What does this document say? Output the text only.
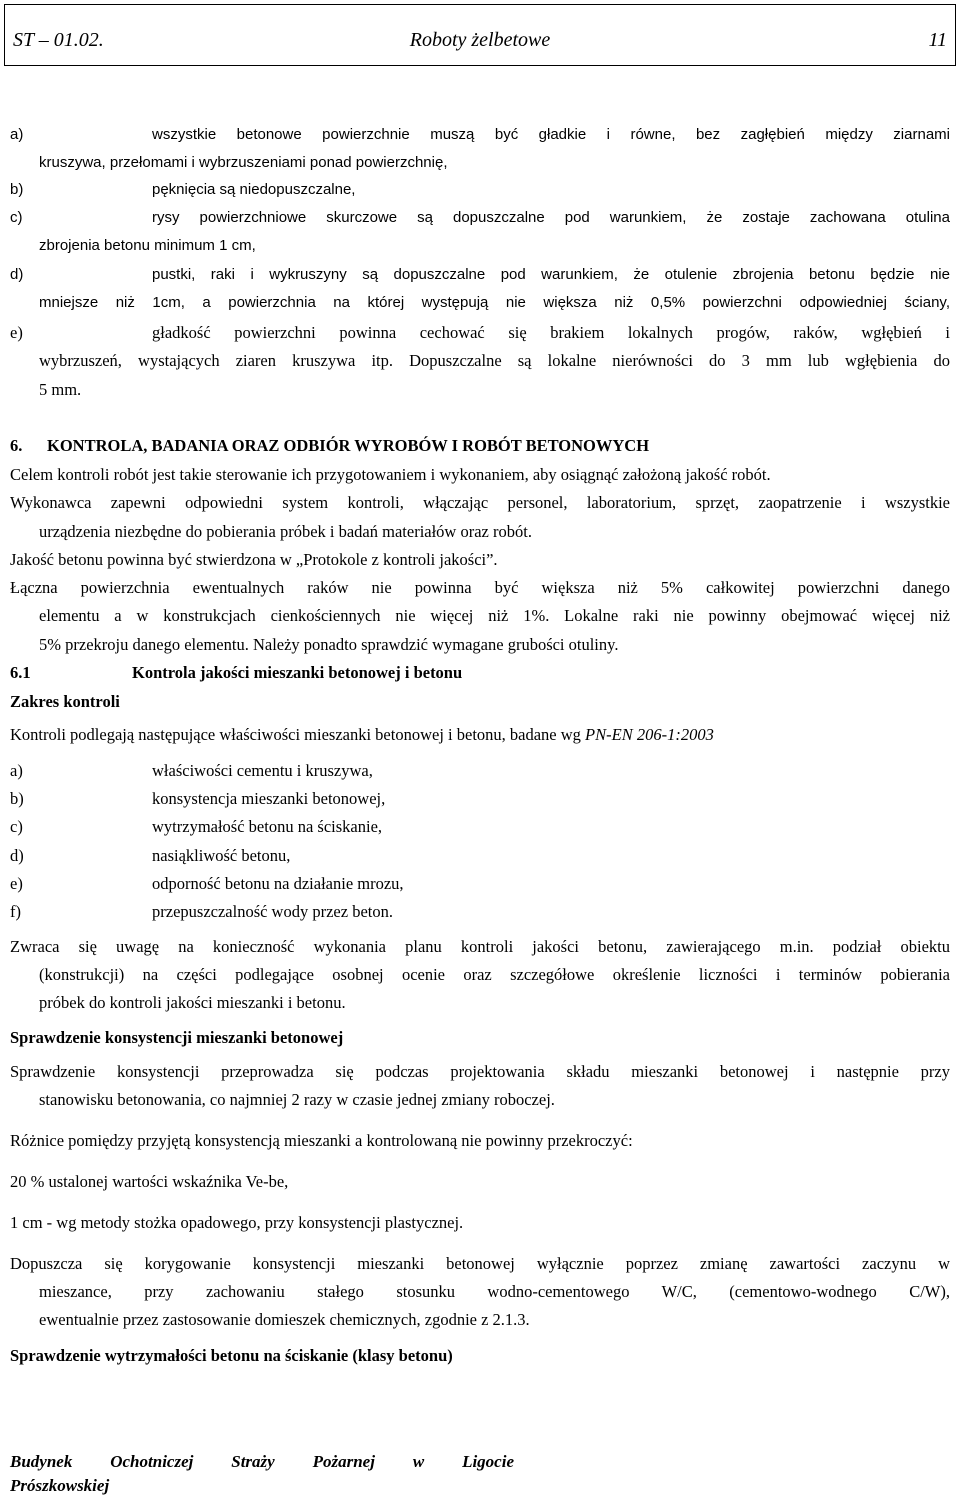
ST – 01.02.	Roboty żelbetowe	11
a)	wszystkie betonowe powierzchnie muszą być gładkie i równe, bez zagłębień między ziarnami
kruszywa, przełomami i wybrzuszeniami ponad powierzchnię,
b)	pęknięcia są niedopuszczalne,
c)	rysy powierzchniowe skurczowe są dopuszczalne pod warunkiem, że zostaje zachowana otulina
zbrojenia betonu minimum 1 cm,
d)	pustki, raki i wykruszyny są dopuszczalne pod warunkiem, że otulenie zbrojenia betonu będzie nie
mniejsze niż 1cm, a powierzchnia na której występują nie większa niż 0,5% powierzchni odpowiedniej ściany,
e)	gładkość powierzchni powinna cechować się brakiem lokalnych progów, raków, wgłębień i
wybrzuszeń, wystających ziaren kruszywa itp. Dopuszczalne są lokalne nierówności do 3 mm lub wgłębienia do
5 mm.
6. KONTROLA, BADANIA ORAZ ODBIÓR WYROBÓW I ROBÓT BETONOWYCH
Celem kontroli robót jest takie sterowanie ich przygotowaniem i wykonaniem, aby osiągnąć założoną jakość robót.
Wykonawca zapewni odpowiedni system kontroli, włączając personel, laboratorium, sprzęt, zaopatrzenie i wszystkie
urządzenia niezbędne do pobierania próbek i badań materiałów oraz robót.
Jakość betonu powinna być stwierdzona w „Protokole z kontroli jakości”.
Łączna powierzchnia ewentualnych raków nie powinna być większa niż 5% całkowitej powierzchni danego
elementu a w konstrukcjach cienkościennych nie więcej niż 1%. Lokalne raki nie powinny obejmować więcej niż
5% przekroju danego elementu. Należy ponadto sprawdzić wymagane grubości otuliny.
6.1	Kontrola jakości mieszanki betonowej i betonu
Zakres kontroli
Kontroli podlegają następujące właściwości mieszanki betonowej i betonu, badane wg PN-EN 206-1:2003
a)	właściwości cementu i kruszywa,
b)	konsystencja mieszanki betonowej,
c)	wytrzymałość betonu na ściskanie,
d)	nasiąkliwość betonu,
e)	odporność betonu na działanie mrozu,
f)	przepuszczalność wody przez beton.
Zwraca się uwagę na konieczność wykonania planu kontroli jakości betonu, zawierającego m.in. podział obiektu
(konstrukcji) na części podlegające osobnej ocenie oraz szczegółowe określenie liczności i terminów pobierania
próbek do kontroli jakości mieszanki i betonu.
Sprawdzenie konsystencji mieszanki betonowej
Sprawdzenie konsystencji przeprowadza się podczas projektowania składu mieszanki betonowej i następnie przy
stanowisku betonowania, co najmniej 2 razy w czasie jednej zmiany roboczej.
Różnice pomiędzy przyjętą konsystencją mieszanki a kontrolowaną nie powinny przekroczyć:
20 % ustalonej wartości wskaźnika Ve-be,
1 cm - wg metody stożka opadowego, przy konsystencji plastycznej.
Dopuszcza się korygowanie konsystencji mieszanki betonowej wyłącznie poprzez zmianę zawartości zaczynu w
mieszance, przy zachowaniu stałego stosunku wodno-cementowego W/C, (cementowo-wodnego C/W),
ewentualnie przez zastosowanie domieszek chemicznych, zgodnie z 2.1.3.
Sprawdzenie wytrzymałości betonu na ściskanie (klasy betonu)
Budynek Ochotniczej Straży Pożarnej w Ligocie
Prószkowskiej
